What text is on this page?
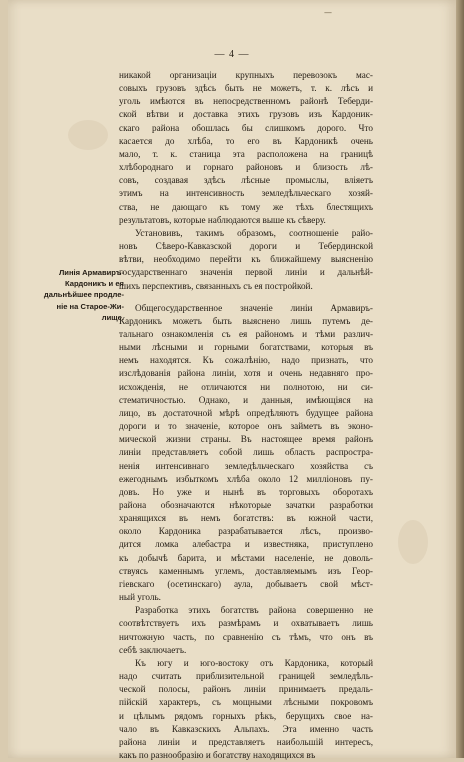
—
— 4 —
Линія Армавиръ-
Кардоникъ и ея
дальнѣйшее продле-
ніе на Старое-Жи-
лище.
никакой организаціи крупныхъ перевозокъ мас-
совыхъ грузовъ здѣсь быть не можетъ, т. к. лѣсъ и
уголь имѣются въ непосредственномъ районѣ Теберди-
ской вѣтви и доставка этихъ грузовъ изъ Кардоник-
скаго района обошлась бы слишкомъ дорого. Что
касается до хлѣба, то его въ Кардоникѣ очень
мало, т. к. станица эта расположена на границѣ
хлѣбороднаго и горнаго районовъ и близость лѣ-
совъ, создавая здѣсь лѣсные промыслы, вліяетъ
этимъ на интенсивность земледѣльческаго хозяй-
ства, не дающаго къ тому же тѣхъ блестящихъ
результатовъ, которые наблюдаются выше къ сѣверу.
Установивъ, такимъ образомъ, соотношеніе райо-
новъ Сѣверо-Кавказской дороги и Тебердинской
вѣтви, необходимо перейти къ ближайшему выясненію
государственнаго значенія первой линіи и дальнѣй-
шихъ перспективъ, связанныхъ съ ея постройкой.
Общегосударственное значеніе линіи Армавиръ-
Кардоникъ можетъ быть выяснено лишь путемъ де-
тальнаго ознакомленія съ ея райономъ и тѣми различ-
ными лѣсными и горными богатствами, которыя въ
немъ находятся. Къ сожалѣнію, надо признать, что
изслѣдованія района линіи, хотя и очень недавняго про-
исхожденія, не отличаются ни полнотою, ни си-
стематичностью. Однако, и данныя, имѣющіяся на
лицо, въ достаточной мѣрѣ опредѣляютъ будущее района
дороги и то значеніе, которое онъ займетъ въ эконо-
мической жизни страны. Въ настоящее время районъ
линіи представляетъ собой лишь область распростра-
ненія интенсивнаго земледѣльческаго хозяйства съ
ежегоднымъ избыткомъ хлѣба около 12 милліоновъ пу-
довъ. Но уже и нынѣ въ торговыхъ оборотахъ
района обозначаются нѣкоторые зачатки разработки
хранящихся въ немъ богатствъ: въ южной части,
около Кардоника разрабатывается лѣсъ, произво-
дится ломка алебастра и известняка, приступлено
къ добычѣ барита, и мѣстами населеніе, не доволь-
ствуясь каменнымъ углемъ, доставляемымъ изъ Геор-
гіевскаго (осетинскаго) аула, добываетъ свой мѣст-
ный уголь.
Разработка этихъ богатствъ района совершенно не
соотвѣтствуетъ ихъ размѣрамъ и охватываетъ лишь
ничтожную часть, по сравненію съ тѣмъ, что онъ въ
себѣ заключаетъ.
Къ югу и юго-востоку отъ Кардоника, который
надо считать приблизительной границей земледѣль-
ческой полосы, районъ линіи принимаетъ предаль-
пійскій характеръ, съ мощными лѣсными покровомъ
и цѣлымъ рядомъ горныхъ рѣкъ, берущихъ свое на-
чало въ Кавказскихъ Альпахъ. Эта именно часть
района линіи и представляетъ наибольшій интересъ,
какъ по разнообразію и богатству находящихся въ
